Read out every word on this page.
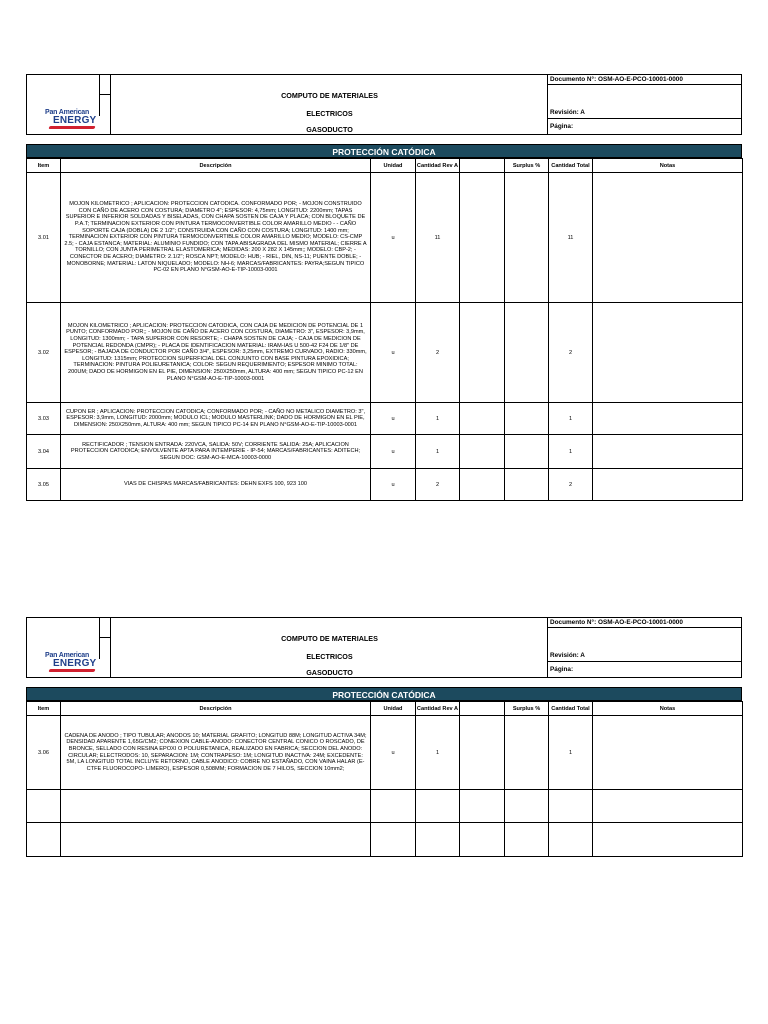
Pan American
ENERGY
COMPUTO DE MATERIALES
ELECTRICOS
GASODUCTO
Documento N°: OSM-AO-E-PCO-10001-0000
Revisión: A
Página:
PROTECCIÓN CATÓDICA
Item	Descripción	Unidad	Cantidad Rev A		Surplus %	Cantidad Total	Notas
3.01	MOJON KILOMETRICO ; APLICACION: PROTECCION CATODICA. CONFORMADO POR; - MOJON CONSTRUIDO CON CAÑO DE ACERO CON COSTURA; DIAMETRO 4"; ESPESOR: 4,75mm; LONGITUD: 2200mm; TAPAS SUPERIOR E INFERIOR SOLDADAS Y BISELADAS, CON CHAPA SOSTEN DE CAJA Y PLACA; CON BLOQUETE DE P.A.T; TERMINACION EXTERIOR CON PINTURA TERMOCONVERTIBLE COLOR AMARILLO MEDIO - - CAÑO SOPORTE CAJA (DOBLA) DE 2 1/2"; CONSTRUIDA CON CAÑO CON COSTURA; LONGITUD: 1400 mm; TERMINACION EXTERIOR CON PINTURA TERMOCONVERTIBLE COLOR AMARILLO MEDIO; MODELO: CS-CMP 2.5; - CAJA ESTANCA; MATERIAL: ALUMINIO FUNDIDO; CON TAPA ABISAGRADA DEL MISMO MATERIAL; CIERRE A TORNILLO; CON JUNTA PERIMETRAL ELASTOMERICA; MEDIDAS: 200 X 282 X 145mm;; MODELO: CBP-2; - CONECTOR DE ACERO; DIAMETRO: 2.1/2"; ROSCA NPT; MODELO: HUB; - RIEL, DIN, NS-11; PUENTE DOBLE; - MONOBORNE; MATERIAL: LATON NIQUELADO; MODELO: NH-6; MARCAS/FABRICANTES: PAYRA;SEGUN TIPICO PC-02 EN PLANO N°GSM-AO-E-TIP-10003-0001	u	11			11	
3.02	MOJON KILOMETRICO ; APLICACION: PROTECCION CATODICA, CON CAJA DE MEDICION DE POTENCIAL DE 1 PUNTO; CONFORMADO POR;; - MOJON DE CAÑO DE ACERO CON COSTURA, DIAMETRO: 3", ESPESOR: 3,9mm, LONGITUD: 1300mm; - TAPA SUPERIOR CON RESORTE; - CHAPA SOSTEN DE CAJA; - CAJA DE MEDICION DE POTENCIAL REDONDA (CMPR); - PLACA DE IDENTIFICACION MATERIAL: IRAM-IAS U 500-42 F24 DE 1/8" DE ESPESOR; - BAJADA DE CONDUCTOR POR CAÑO 3/4", ESPESOR: 3,25mm, EXTREMO CURVADO, RADIO: 330mm, LONGITUD: 1315mm; PROTECCION SUPERFICIAL DEL CONJUNTO CON BASE PINTURA EPOXIDICA; TERMINACION: PINTURA POLIEURETANICA; COLOR: SEGUN REQUERIMIENTO; ESPESOR MINIMO TOTAL: 200UM; DADO DE HORMIGON EN EL PIE, DIMENSION: 250X250mm, ALTURA: 400 mm; SEGUN TIPICO PC-12 EN PLANO N°GSM-AO-E-TIP-10003-0001	u	2			2	
3.03	CUPON ER ; APLICACION: PROTECCION CATODICA; CONFORMADO POR; - CAÑO NO METALICO DIAMETRO: 3", ESPESOR: 3,9mm, LONGITUD: 2000mm; MODULO ICL; MODULO MASTERLINK; DADO DE HORMIGON EN EL PIE, DIMENSION: 250X250mm, ALTURA: 400 mm; SEGUN TIPICO PC-14 EN PLANO N°GSM-AO-E-TIP-10003-0001	u	1			1	
3.04	RECTIFICADOR ; TENSION ENTRADA: 220VCA, SALIDA: 50V; CORRIENTE SALIDA: 25A; APLICACION PROTECCION CATODICA; ENVOLVENTE APTA PARA INTEMPERIE - IP-54; MARCAS/FABRICANTES: ADITECH; SEGUN DOC: GSM-AO-E-MCA-10003-0000	u	1			1	
3.05	VIAS DE CHISPAS MARCAS/FABRICANTES: DEHN EXFS 100, 923 100	u	2			2	
Pan American
ENERGY
COMPUTO DE MATERIALES
ELECTRICOS
GASODUCTO
Documento N°: OSM-AO-E-PCO-10001-0000
Revisión: A
Página:
PROTECCIÓN CATÓDICA
Item	Descripción	Unidad	Cantidad Rev A		Surplus %	Cantidad Total	Notas
3.06	CADENA DE ANODO ; TIPO TUBULAR; ANODOS 10; MATERIAL GRAFITO; LONGITUD 88M; LONGITUD ACTIVA 34M; DENSIDAD APARENTE 1,65G/CM2; CONEXION CABLE-ANODO: CONECTOR CENTRAL CONICO O ROSCADO, DE BRONCE, SELLADO CON RESINA EPOXI O POLIURETANICA, REALIZADO EN FABRICA; SECCION DEL ANODO: CIRCULAR; ELECTRODOS: 10, SEPARACION: 1M; CONTRAPESO: 1M; LONGITUD INACTIVA: 24M; EXCEDENTE: 5M, LA LONGITUD TOTAL INCLUYE RETORNO, CABLE ANODICO: COBRE NO ESTAÑADO, CON VAINA HALAR (E-CTFE FLUOROCOPO- LIMERO), ESPESOR 0,508MM; FORMACION DE 7 HILOS, SECCION 10mm2;	u	1			1	
